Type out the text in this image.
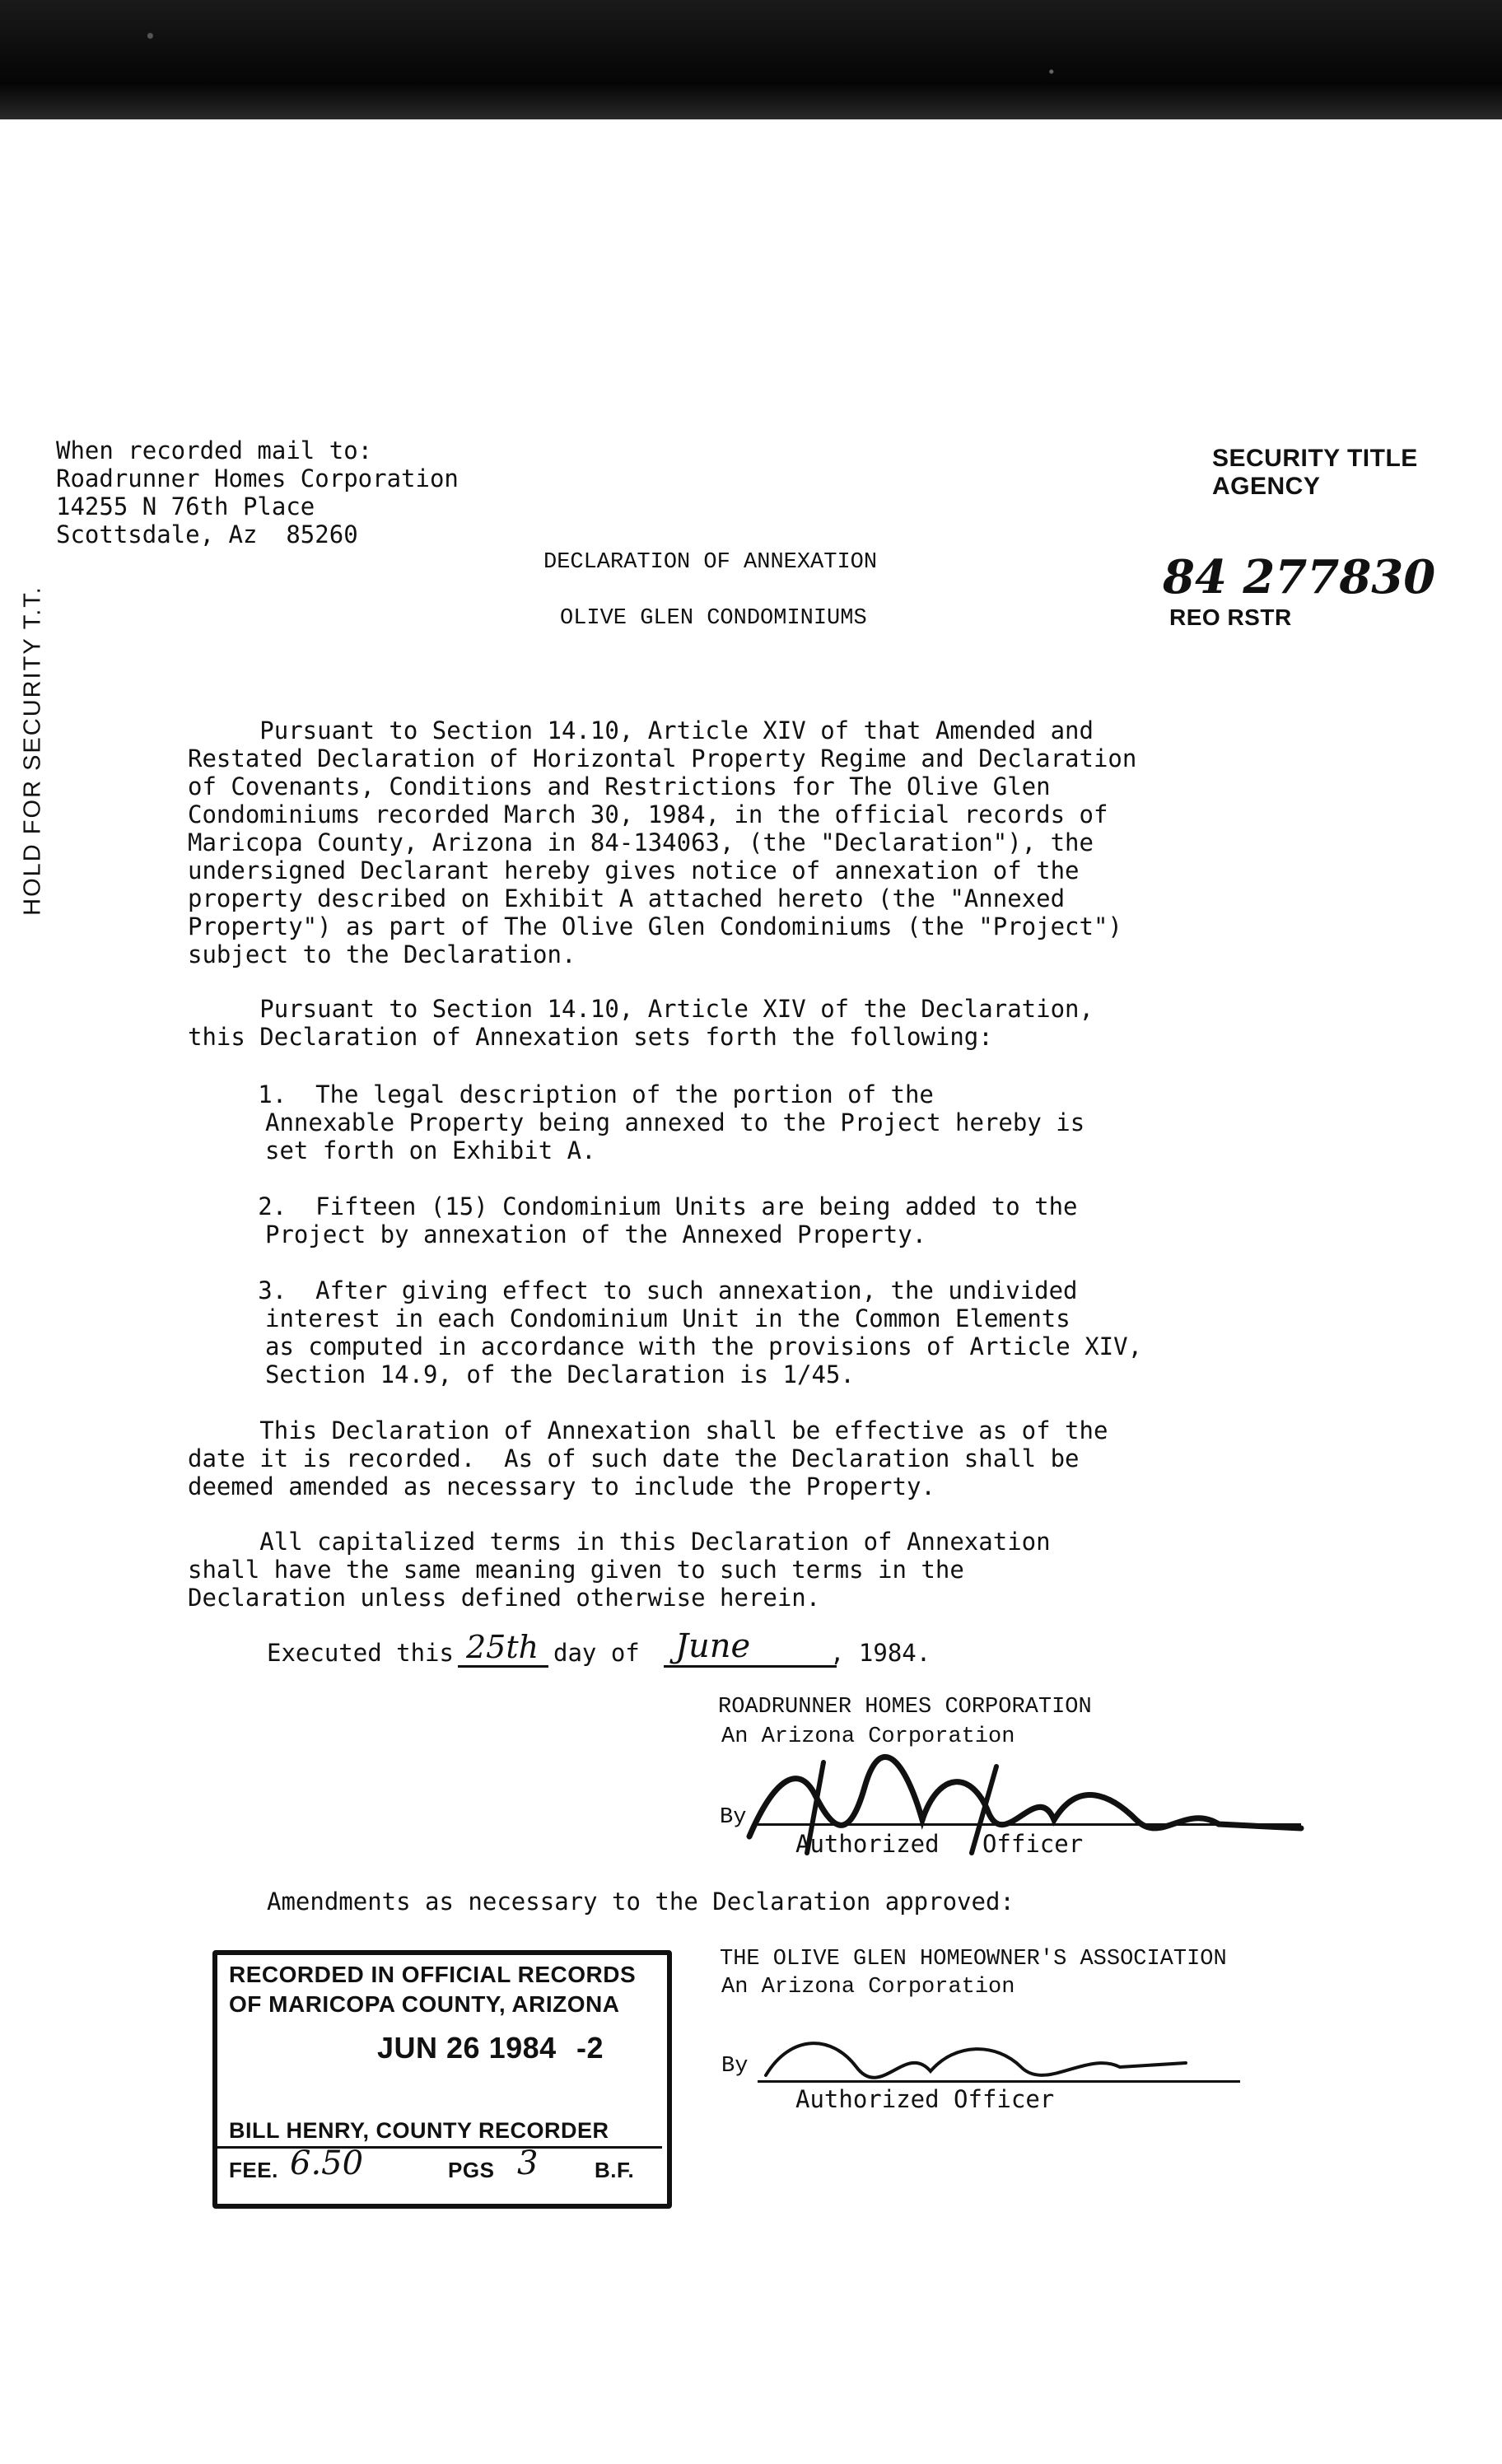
HOLD FOR SECURITY T.T.
When recorded mail to:
Roadrunner Homes Corporation
14255 N 76th Place
Scottsdale, Az  85260
SECURITY TITLE AGENCY
84 277830
REO RSTR
DECLARATION OF ANNEXATION
OLIVE GLEN CONDOMINIUMS
Pursuant to Section 14.10, Article XIV of that Amended and
Restated Declaration of Horizontal Property Regime and Declaration
of Covenants, Conditions and Restrictions for The Olive Glen
Condominiums recorded March 30, 1984, in the official records of
Maricopa County, Arizona in 84-134063, (the "Declaration"), the
undersigned Declarant hereby gives notice of annexation of the
property described on Exhibit A attached hereto (the "Annexed
Property") as part of The Olive Glen Condominiums (the "Project")
subject to the Declaration.
Pursuant to Section 14.10, Article XIV of the Declaration,
this Declaration of Annexation sets forth the following:
1.  The legal description of the portion of the
Annexable Property being annexed to the Project hereby is
set forth on Exhibit A.
2.  Fifteen (15) Condominium Units are being added to the
Project by annexation of the Annexed Property.
3.  After giving effect to such annexation, the undivided
interest in each Condominium Unit in the Common Elements
as computed in accordance with the provisions of Article XIV,
Section 14.9, of the Declaration is 1/45.
This Declaration of Annexation shall be effective as of the
date it is recorded.  As of such date the Declaration shall be
deemed amended as necessary to include the Property.
All capitalized terms in this Declaration of Annexation
shall have the same meaning given to such terms in the
Declaration unless defined otherwise herein.
Executed this 25th day of June	, 1984.
ROADRUNNER HOMES CORPORATION
An Arizona Corporation
By
Authorized   Officer
Amendments as necessary to the Declaration approved:
RECORDED IN OFFICIAL RECORDS
OF MARICOPA COUNTY, ARIZONA
JUN 26 1984 -2
BILL HENRY, COUNTY RECORDER
FEE. 6.50	PGS 3	B.F.
THE OLIVE GLEN HOMEOWNER'S ASSOCIATION
An Arizona Corporation
By
Authorized Officer
